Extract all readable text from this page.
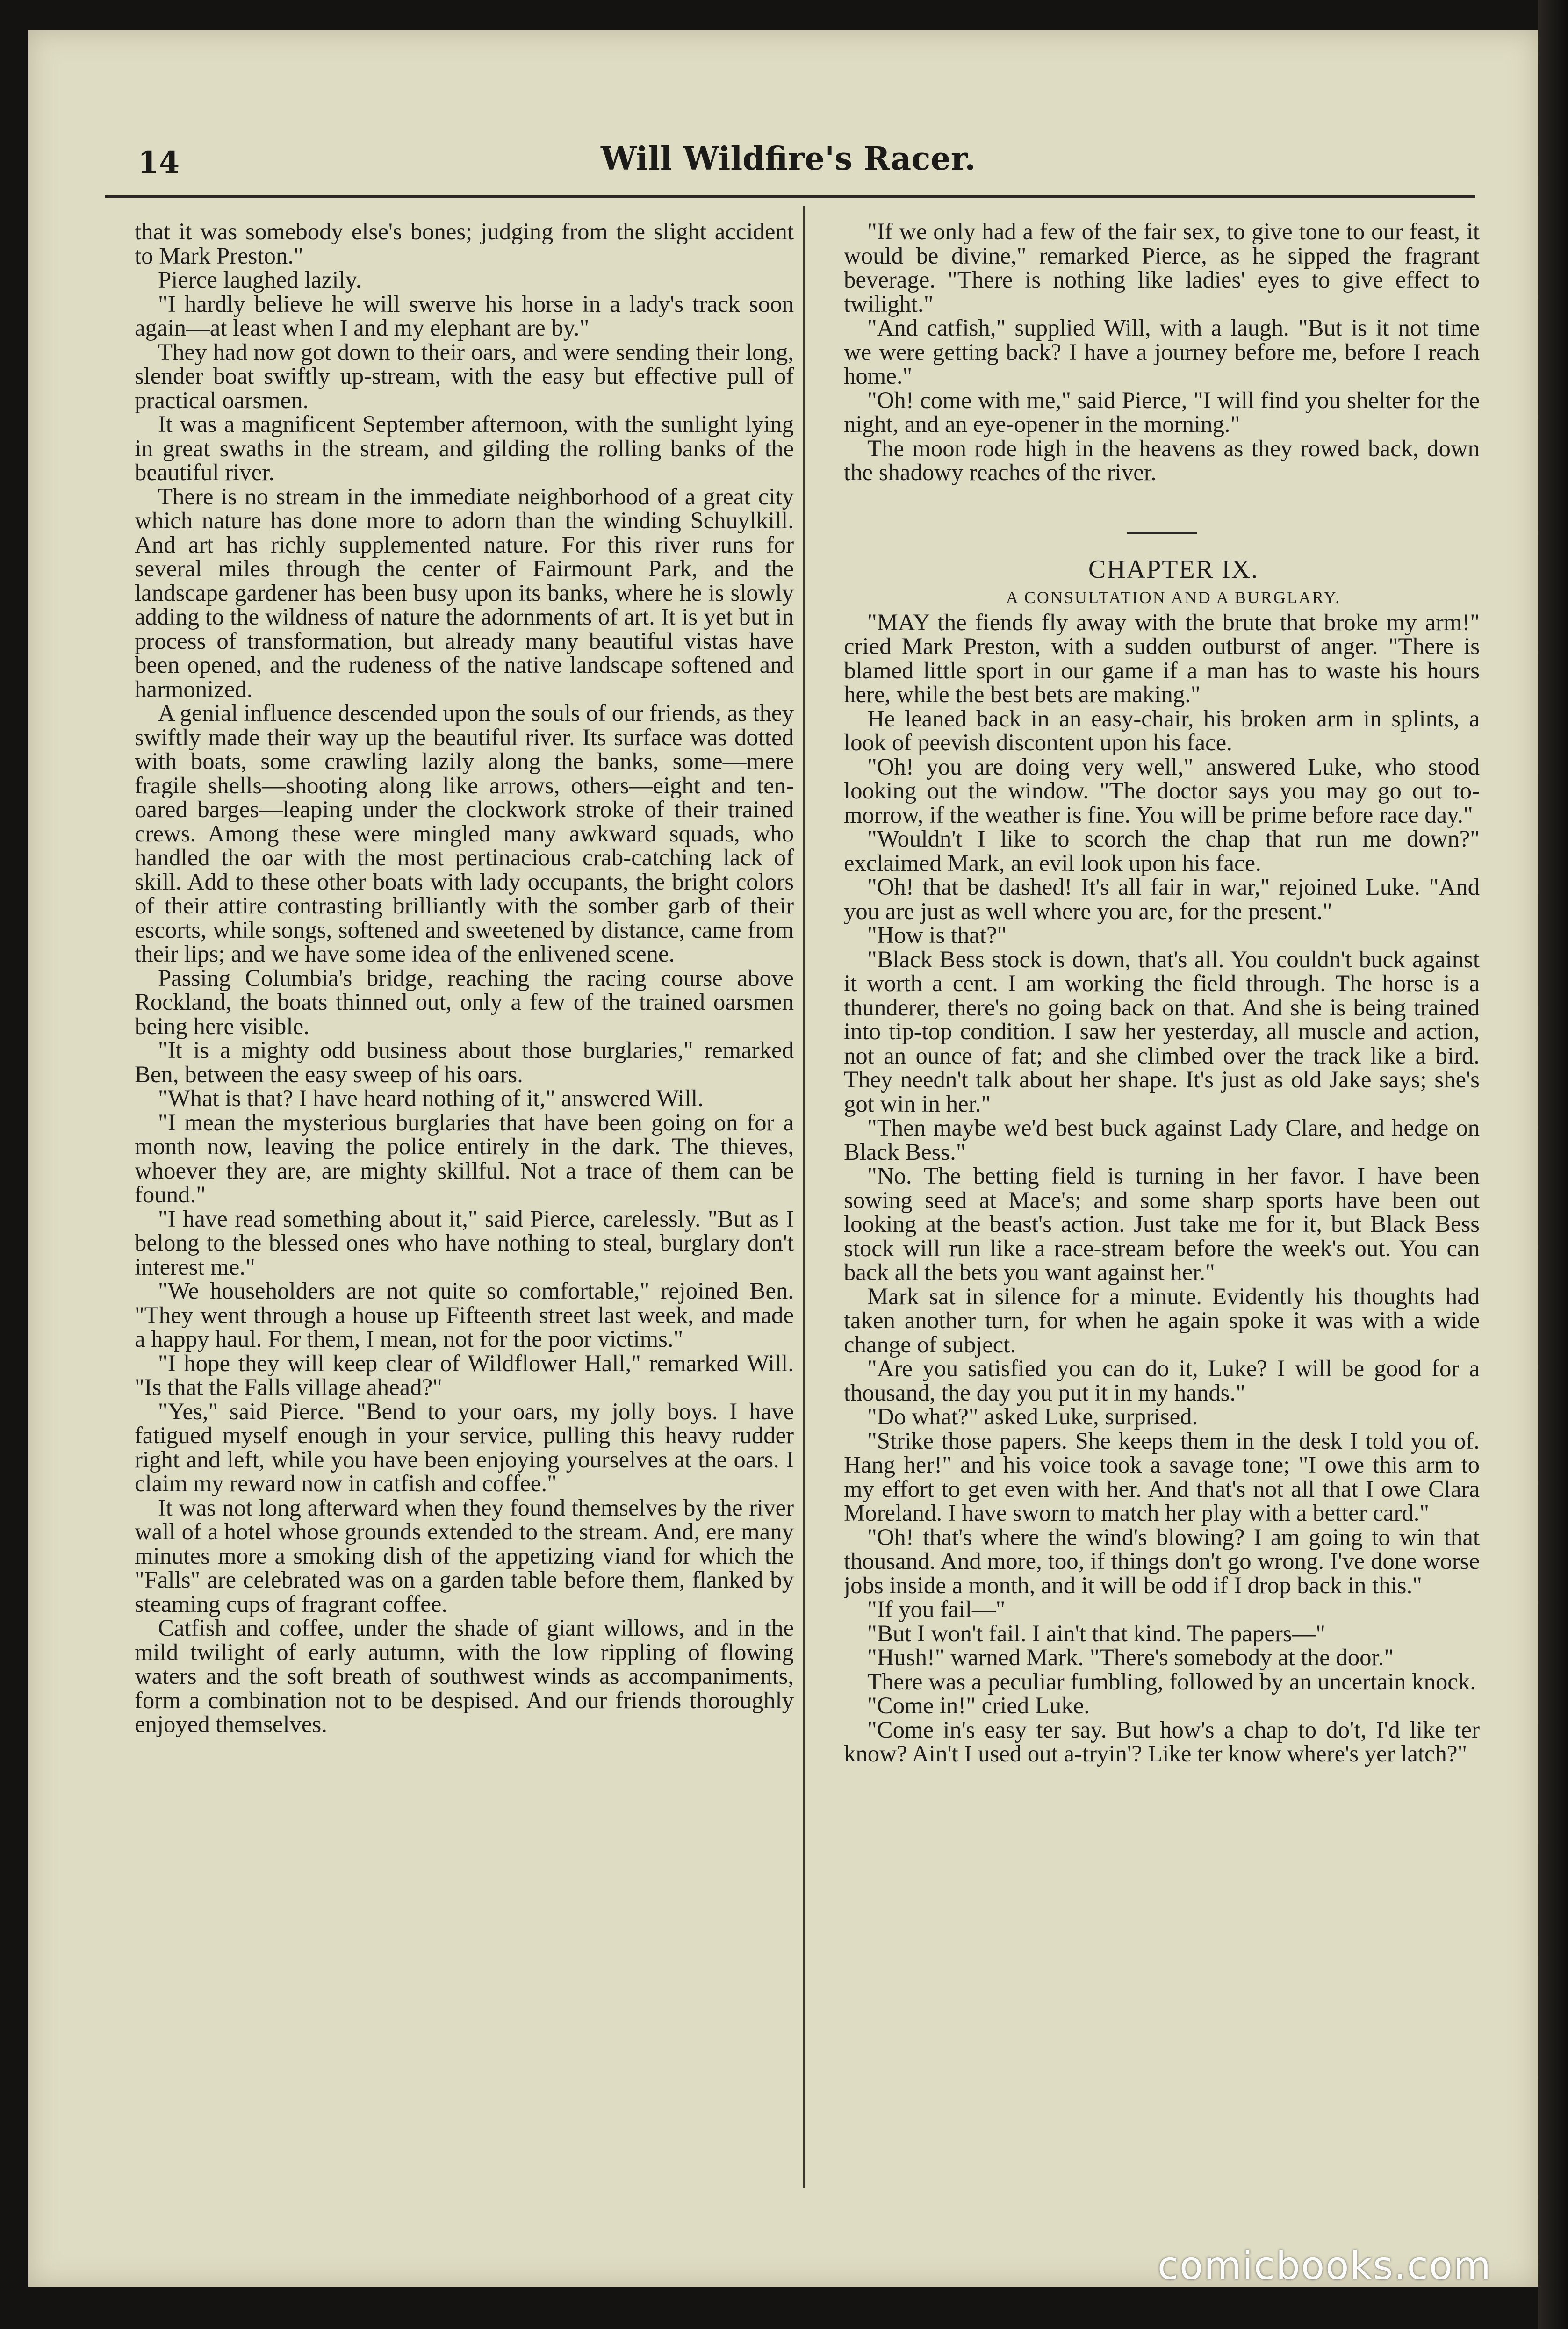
14	Will Wildfire's Racer.

that it was somebody else's bones; judging from the slight accident to Mark Preston."

Pierce laughed lazily.

"I hardly believe he will swerve his horse in a lady's track soon again—at least when I and my elephant are by."

They had now got down to their oars, and were sending their long, slender boat swiftly up-stream, with the easy but effective pull of practical oarsmen.

It was a magnificent September afternoon, with the sunlight lying in great swaths in the stream, and gilding the rolling banks of the beautiful river.

There is no stream in the immediate neighborhood of a great city which nature has done more to adorn than the winding Schuylkill. And art has richly supplemented nature. For this river runs for several miles through the center of Fairmount Park, and the landscape gardener has been busy upon its banks, where he is slowly adding to the wildness of nature the adornments of art. It is yet but in process of transformation, but already many beautiful vistas have been opened, and the rudeness of the native landscape softened and harmonized.

A genial influence descended upon the souls of our friends, as they swiftly made their way up the beautiful river. Its surface was dotted with boats, some crawling lazily along the banks, some—mere fragile shells—shooting along like arrows, others—eight and ten-oared barges—leaping under the clockwork stroke of their trained crews. Among these were mingled many awkward squads, who handled the oar with the most pertinacious crab-catching lack of skill. Add to these other boats with lady occupants, the bright colors of their attire contrasting brilliantly with the somber garb of their escorts, while songs, softened and sweetened by distance, came from their lips; and we have some idea of the enlivened scene.

Passing Columbia's bridge, reaching the racing course above Rockland, the boats thinned out, only a few of the trained oarsmen being here visible.

"It is a mighty odd business about those burglaries," remarked Ben, between the easy sweep of his oars.

"What is that? I have heard nothing of it," answered Will.

"I mean the mysterious burglaries that have been going on for a month now, leaving the police entirely in the dark. The thieves, whoever they are, are mighty skillful. Not a trace of them can be found."

"I have read something about it," said Pierce, carelessly. "But as I belong to the blessed ones who have nothing to steal, burglary don't interest me."

"We householders are not quite so comfortable," rejoined Ben. "They went through a house up Fifteenth street last week, and made a happy haul. For them, I mean, not for the poor victims."

"I hope they will keep clear of Wildflower Hall," remarked Will. "Is that the Falls village ahead?"

"Yes," said Pierce. "Bend to your oars, my jolly boys. I have fatigued myself enough in your service, pulling this heavy rudder right and left, while you have been enjoying yourselves at the oars. I claim my reward now in catfish and coffee."

It was not long afterward when they found themselves by the river wall of a hotel whose grounds extended to the stream. And, ere many minutes more a smoking dish of the appetizing viand for which the "Falls" are celebrated was on a garden table before them, flanked by steaming cups of fragrant coffee.

Catfish and coffee, under the shade of giant willows, and in the mild twilight of early autumn, with the low rippling of flowing waters and the soft breath of southwest winds as accompaniments, form a combination not to be despised. And our friends thoroughly enjoyed themselves.

"If we only had a few of the fair sex, to give tone to our feast, it would be divine," remarked Pierce, as he sipped the fragrant beverage. "There is nothing like ladies' eyes to give effect to twilight."

"And catfish," supplied Will, with a laugh. "But is it not time we were getting back? I have a journey before me, before I reach home."

"Oh! come with me," said Pierce, "I will find you shelter for the night, and an eye-opener in the morning."

The moon rode high in the heavens as they rowed back, down the shadowy reaches of the river.

CHAPTER IX.

A CONSULTATION AND A BURGLARY.

"MAY the fiends fly away with the brute that broke my arm!" cried Mark Preston, with a sudden outburst of anger. "There is blamed little sport in our game if a man has to waste his hours here, while the best bets are making."

He leaned back in an easy-chair, his broken arm in splints, a look of peevish discontent upon his face.

"Oh! you are doing very well," answered Luke, who stood looking out the window. "The doctor says you may go out to-morrow, if the weather is fine. You will be prime before race day."

"Wouldn't I like to scorch the chap that run me down?" exclaimed Mark, an evil look upon his face.

"Oh! that be dashed! It's all fair in war," rejoined Luke. "And you are just as well where you are, for the present."

"How is that?"

"Black Bess stock is down, that's all. You couldn't buck against it worth a cent. I am working the field through. The horse is a thunderer, there's no going back on that. And she is being trained into tip-top condition. I saw her yesterday, all muscle and action, not an ounce of fat; and she climbed over the track like a bird. They needn't talk about her shape. It's just as old Jake says; she's got win in her."

"Then maybe we'd best buck against Lady Clare, and hedge on Black Bess."

"No. The betting field is turning in her favor. I have been sowing seed at Mace's; and some sharp sports have been out looking at the beast's action. Just take me for it, but Black Bess stock will run like a race-stream before the week's out. You can back all the bets you want against her."

Mark sat in silence for a minute. Evidently his thoughts had taken another turn, for when he again spoke it was with a wide change of subject.

"Are you satisfied you can do it, Luke? I will be good for a thousand, the day you put it in my hands."

"Do what?" asked Luke, surprised.

"Strike those papers. She keeps them in the desk I told you of. Hang her!" and his voice took a savage tone; "I owe this arm to my effort to get even with her. And that's not all that I owe Clara Moreland. I have sworn to match her play with a better card."

"Oh! that's where the wind's blowing? I am going to win that thousand. And more, too, if things don't go wrong. I've done worse jobs inside a month, and it will be odd if I drop back in this."

"If you fail—"

"But I won't fail. I ain't that kind. The papers—"

"Hush!" warned Mark. "There's somebody at the door."

There was a peculiar fumbling, followed by an uncertain knock.

"Come in!" cried Luke.

"Come in's easy ter say. But how's a chap to do't, I'd like ter know? Ain't I used out a-tryin'? Like ter know where's yer latch?"

comicbooks.com
